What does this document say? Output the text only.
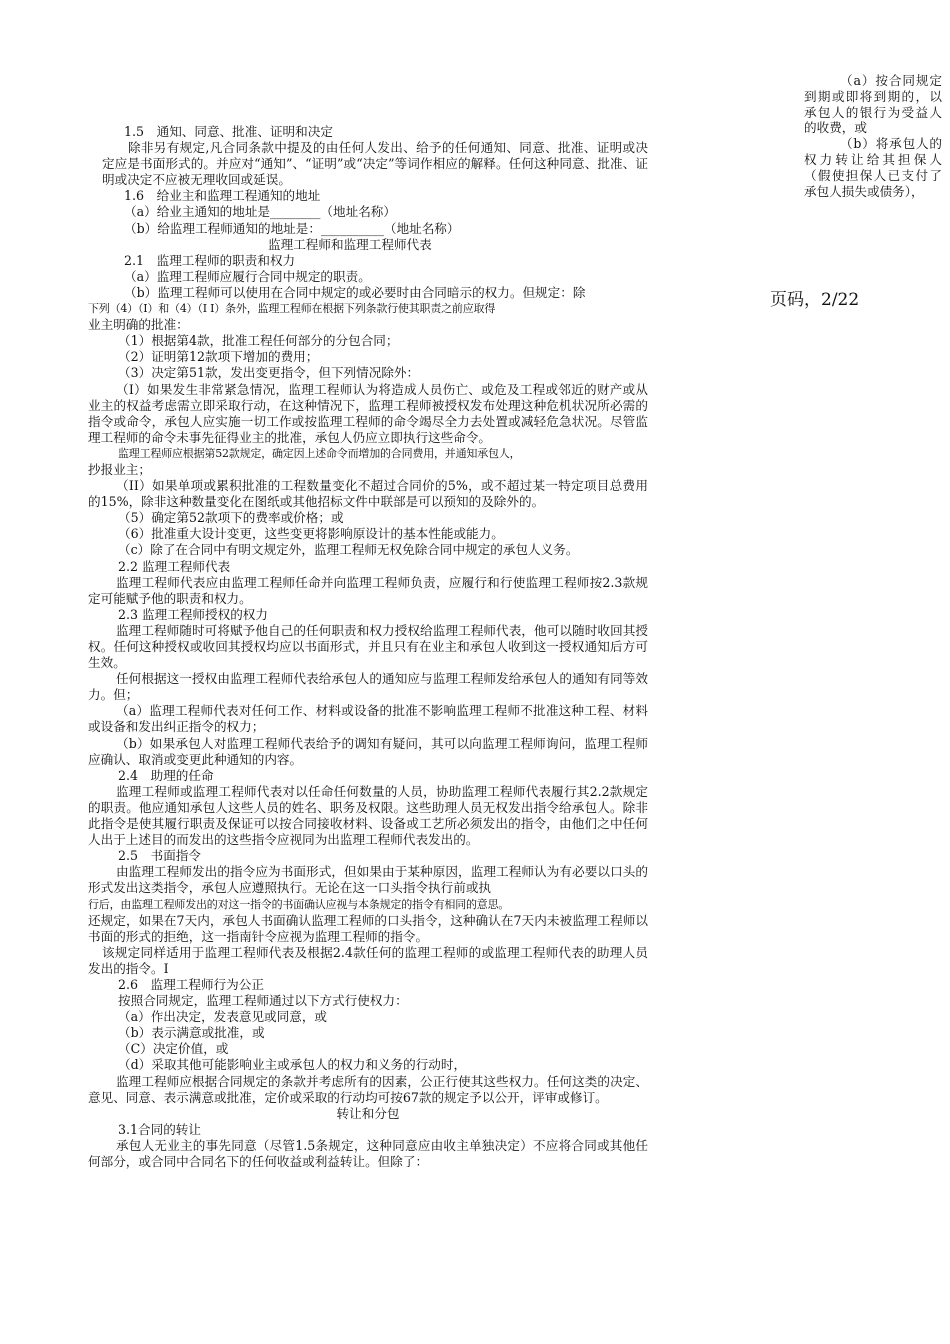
（a）按合同规定到期或即将到期的，以承包人的银行为受益人的收费，或

（b）将承包人的权力转让给其担保人（假使担保人已支付了承包人损失或债务），

页码，2/22

1.5　通知、同意、批准、证明和决定

除非另有规定,凡合同条款中提及的由任何人发出、给予的任何通知、同意、批准、证明或决定应是书面形式的。并应对“通知”、“证明”或“决定”等词作相应的解释。任何这种同意、批准、证明或决定不应被无理收回或延误。

1.6　给业主和监理工程通知的地址

（a）给业主通知的地址是________（地址名称）

（b）给监理工程师通知的地址是：__________（地址名称）

监理工程师和监理工程师代表

2.1　监理工程师的职责和权力

（a）监理工程师应履行合同中规定的职责。

（b）监理工程师可以使用在合同中规定的或必要时由合同暗示的权力。但规定：除

下列（4）（I）和（4）（I I）条外，监理工程师在根据下列条款行使其职责之前应取得

业主明确的批准：

（1）根据第4款，批准工程任何部分的分包合同；

（2）证明第12款项下增加的费用；

（3）决定第51款，发出变更指令，但下列情况除外：

（I）如果发生非常紧急情况，监理工程师认为将造成人员伤亡、或危及工程或邻近的财产或从业主的权益考虑需立即采取行动，在这种情况下，监理工程师被授权发布处理这种危机状况所必需的指令或命令，承包人应实施一切工作或按监理工程师的命令竭尽全力去处置或减轻危急状况。尽管监理工程师的命令未事先征得业主的批准，承包人仍应立即执行这些命令。

监理工程师应根据第52款规定，确定因上述命令而增加的合同费用，并通知承包人，

抄报业主；

（II）如果单项或累积批准的工程数量变化不超过合同价的5%，或不超过某一特定项目总费用的15%，除非这种数量变化在图纸或其他招标文件中联部是可以预知的及除外的。

（5）确定第52款项下的费率或价格；或

（6）批准重大设计变更，这些变更将影响原设计的基本性能或能力。

（c）除了在合同中有明文规定外，监理工程师无权免除合同中规定的承包人义务。

2.2 监理工程师代表

监理工程师代表应由监理工程师任命并向监理工程师负责，应履行和行使监理工程师按2.3款规定可能赋予他的职责和权力。

2.3 监理工程师授权的权力

监理工程师随时可将赋予他自己的任何职责和权力授权给监理工程师代表，他可以随时收回其授权。任何这种授权或收回其授权均应以书面形式，并且只有在业主和承包人收到这一授权通知后方可生效。

任何根据这一授权由监理工程师代表给承包人的通知应与监理工程师发给承包人的通知有同等效力。但；

（a）监理工程师代表对任何工作、材料或设备的批准不影响监理工程师不批准这种工程、材料或设备和发出纠正指令的权力；

（b）如果承包人对监理工程师代表给予的调知有疑问，其可以向监理工程师询问，监理工程师应确认、取消或变更此种通知的内容。

2.4　助理的任命

监理工程师或监理工程师代表对以任命任何数量的人员，协助监理工程师代表履行其2.2款规定的职责。他应通知承包人这些人员的姓名、职务及权限。这些助理人员无权发出指令给承包人。除非此指令是使其履行职责及保证可以按合同接收材料、设备或工艺所必须发出的指令，由他们之中任何人出于上述目的而发出的这些指令应视同为出监理工程师代表发出的。

2.5　书面指令

由监理工程师发出的指令应为书面形式，但如果由于某种原因，监理工程师认为有必要以口头的形式发出这类指令，承包人应遵照执行。无论在这一口头指令执行前或执

行后，由监理工程师发出的对这一指令的书面确认应视与本条规定的指令有相同的意思。

还规定，如果在7天内，承包人书面确认监理工程师的口头指令，这种确认在7天内未被监理工程师以书面的形式的拒绝，这一指南针令应视为监理工程师的指令。

该规定同样适用于监理工程师代表及根据2.4款任何的监理工程师的或监理工程师代表的助理人员发出的指令。I

2.6　监理工程师行为公正

按照合同规定，监理工程师通过以下方式行使权力：

（a）作出决定，发表意见或同意，或

（b）表示满意或批准，或

（C）决定价值，或

（d）采取其他可能影响业主或承包人的权力和义务的行动时，

监理工程师应根据合同规定的条款并考虑所有的因素，公正行使其这些权力。任何这类的决定、意见、同意、表示满意或批准，定价或采取的行动均可按67款的规定予以公开，评审或修订。

转让和分包

3.1合同的转让

承包人无业主的事先同意（尽管1.5条规定，这种同意应由收主单独决定）不应将合同或其他任何部分，或合同中合同名下的任何收益或利益转让。但除了：
